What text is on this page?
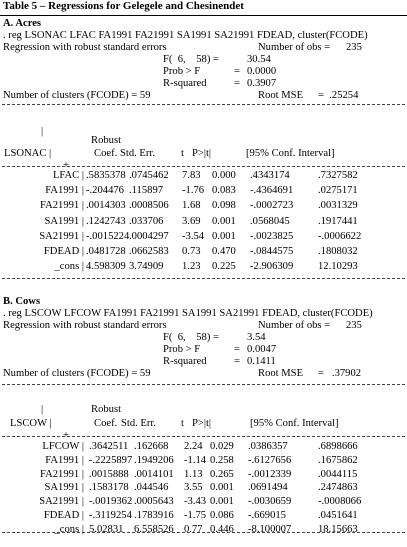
Table 5 – Regressions for Gelegele and Chesinendet
A. Acres
. reg LSONAC LFAC FA1991 FA21991 SA1991 SA21991 FDEAD, cluster(FCODE)
Regression with robust standard errors	Number of obs = 235
F(  6,    58) =	30.54
Prob > F	= 0.0000
R-squared	= 0.3907
Number of clusters (FCODE) = 59	Root MSE =  .25254
|
Robust
LSONAC |	Coef. Std. Err. t P>|t|	[95% Conf. Interval]
+
LFAC | .5835378 .0745462 7.83 0.000 .4343174	.7327582
FA1991 | -.204476 .115897 -1.76 0.083 -.4364691 .0275171
FA21991 | .0014303 .0008506 1.68 0.098 -.0002723 .0031329
SA1991 | .1242743 .033706 3.69 0.001 .0568045	.1917441
SA21991 | -.0015224 .0004297 -3.54 0.001 -.0023825 -.0006622
FDEAD | .0481728 .0662583 0.73 0.470 -.0844575 .1808032
_cons | 4.598309 3.74909 1.23 0.225 -2.906309 12.10293
B. Cows
. reg LSCOW LFCOW FA1991 FA21991 SA1991 SA21991 FDEAD, cluster(FCODE)
Regression with robust standard errors	Number of obs = 235
F(  6,    58) =	3.54
Prob > F	= 0.0047
R-squared	= 0.1411
Number of clusters (FCODE) = 59	Root MSE =   .37902
|	Robust
LSCOW |	Coef. Std. Err. t P>|t|	[95% Conf. Interval]
+
LFCOW | .3642511 .162668 2.24 0.029 .0386357	.6898666
FA1991 | -.2225897 .1949206 -1.14 0.258 -.6127656	.1675862
FA21991 | .0015888 .0014101 1.13 0.265 -.0012339	.0044115
SA1991 | .1583178 .044546 3.55 0.001 .0691494	.2474863
SA21991 | -.0019362 .0005643 -3.43 0.001 -.0030659	-.0008066
FDEAD | -.3119254 .1783916 -1.75 0.086 -.669015	.0451641
_cons | 5.02831 6.558526 0.77 0.446 -8.100007	18.15663
